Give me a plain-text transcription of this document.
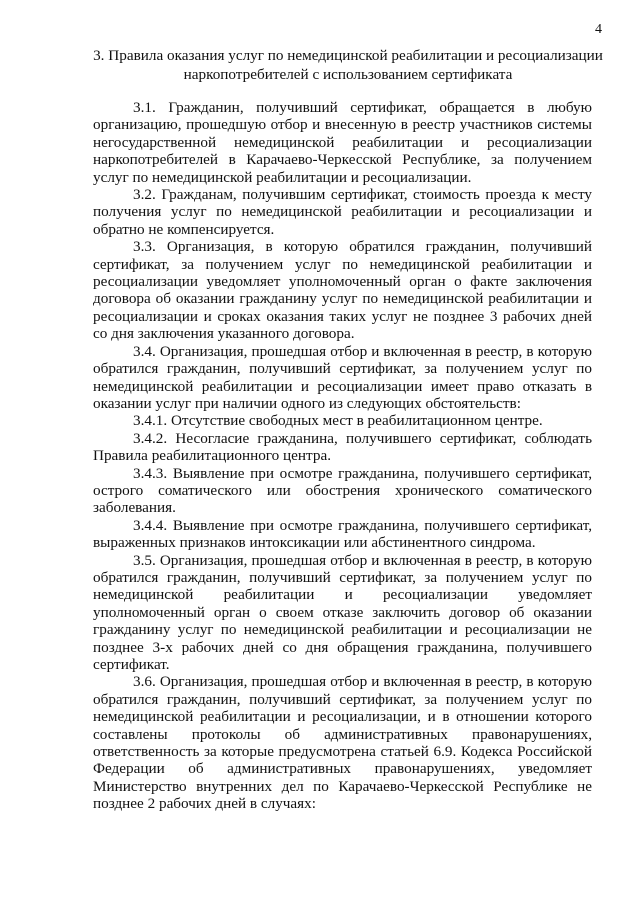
4
3. Правила оказания услуг по немедицинской реабилитации и ресоциализации наркопотребителей с использованием сертификата

3.1. Гражданин, получивший сертификат, обращается в любую организацию, прошедшую отбор и внесенную в реестр участников системы негосударственной немедицинской реабилитации и ресоциализации наркопотребителей в Карачаево-Черкесской Республике, за получением услуг по немедицинской реабилитации и ресоциализации.

3.2. Гражданам, получившим сертификат, стоимость проезда к месту получения услуг по немедицинской реабилитации и ресоциализации и обратно не компенсируется.

3.3. Организация, в которую обратился гражданин, получивший сертификат, за получением услуг по немедицинской реабилитации и ресоциализации уведомляет уполномоченный орган о факте заключения договора об оказании гражданину услуг по немедицинской реабилитации и ресоциализации и сроках оказания таких услуг не позднее 3 рабочих дней со дня заключения указанного договора.

3.4. Организация, прошедшая отбор и включенная в реестр, в которую обратился гражданин, получивший сертификат, за получением услуг по немедицинской реабилитации и ресоциализации имеет право отказать в оказании услуг при наличии одного из следующих обстоятельств:

3.4.1. Отсутствие свободных мест в реабилитационном центре.

3.4.2. Несогласие гражданина, получившего сертификат, соблюдать Правила реабилитационного центра.

3.4.3. Выявление при осмотре гражданина, получившего сертификат, острого соматического или обострения хронического соматического заболевания.

3.4.4. Выявление при осмотре гражданина, получившего сертификат, выраженных признаков интоксикации или абстинентного синдрома.

3.5. Организация, прошедшая отбор и включенная в реестр, в которую обратился гражданин, получивший сертификат, за получением услуг по немедицинской реабилитации и ресоциализации уведомляет уполномоченный орган о своем отказе заключить договор об оказании гражданину услуг по немедицинской реабилитации и ресоциализации не позднее 3-х рабочих дней со дня обращения гражданина, получившего сертификат.

3.6. Организация, прошедшая отбор и включенная в реестр, в которую обратился гражданин, получивший сертификат, за получением услуг по немедицинской реабилитации и ресоциализации, и в отношении которого составлены протоколы об административных правонарушениях, ответственность за которые предусмотрена статьей 6.9. Кодекса Российской Федерации об административных правонарушениях, уведомляет Министерство внутренних дел по Карачаево-Черкесской Республике не позднее 2 рабочих дней в случаях:
